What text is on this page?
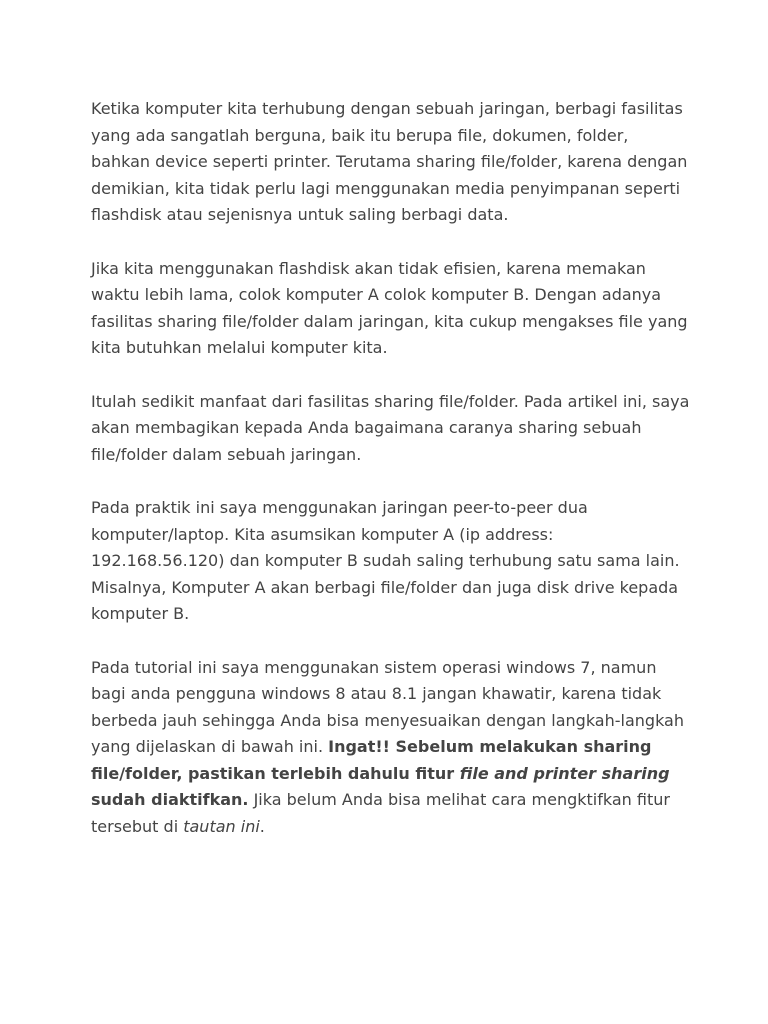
Ketika komputer kita terhubung dengan sebuah jaringan, berbagi fasilitas yang ada sangatlah berguna, baik itu berupa file, dokumen, folder, bahkan device seperti printer. Terutama sharing file/folder, karena dengan demikian, kita tidak perlu lagi menggunakan media penyimpanan seperti flashdisk atau sejenisnya untuk saling berbagi data.

Jika kita menggunakan flashdisk akan tidak efisien, karena memakan waktu lebih lama, colok komputer A colok komputer B. Dengan adanya fasilitas sharing file/folder dalam jaringan, kita cukup mengakses file yang kita butuhkan melalui komputer kita.

Itulah sedikit manfaat dari fasilitas sharing file/folder. Pada artikel ini, saya akan membagikan kepada Anda bagaimana caranya sharing sebuah file/folder dalam sebuah jaringan.

Pada praktik ini saya menggunakan jaringan peer-to-peer dua komputer/laptop. Kita asumsikan komputer A (ip address: 192.168.56.120) dan komputer B sudah saling terhubung satu sama lain. Misalnya, Komputer A akan berbagi file/folder dan juga disk drive kepada komputer B.

Pada tutorial ini saya menggunakan sistem operasi windows 7, namun bagi anda pengguna windows 8 atau 8.1 jangan khawatir, karena tidak berbeda jauh sehingga Anda bisa menyesuaikan dengan langkah-langkah yang dijelaskan di bawah ini. Ingat!! Sebelum melakukan sharing file/folder, pastikan terlebih dahulu fitur file and printer sharing sudah diaktifkan. Jika belum Anda bisa melihat cara mengktifkan fitur tersebut di tautan ini.
